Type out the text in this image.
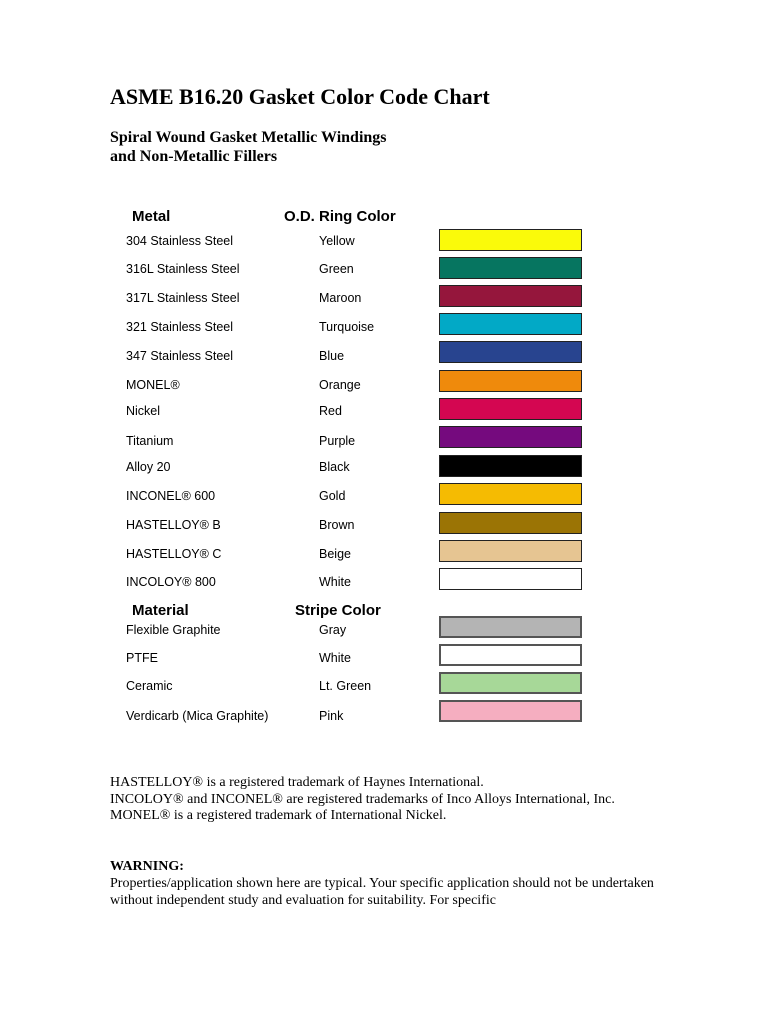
ASME B16.20 Gasket Color Code Chart
Spiral Wound Gasket Metallic Windings
and Non-Metallic Fillers
Metal	O.D. Ring Color
304 Stainless Steel	Yellow
316L Stainless Steel	Green
317L Stainless Steel	Maroon
321 Stainless Steel	Turquoise
347 Stainless Steel	Blue
MONEL®	Orange
Nickel	Red
Titanium	Purple
Alloy 20	Black
INCONEL® 600	Gold
HASTELLOY® B	Brown
HASTELLOY® C	Beige
INCOLOY® 800	White
Material	Stripe Color
Flexible Graphite	Gray
PTFE	White
Ceramic	Lt. Green
Verdicarb (Mica Graphite)	Pink

HASTELLOY® is a registered trademark of Haynes International.

INCOLOY® and INCONEL® are registered trademarks of Inco Alloys International, Inc.

MONEL® is a registered trademark of International Nickel.

WARNING:
Properties/application shown here are typical. Your specific application should not be undertaken without independent study and evaluation for suitability. For specific
